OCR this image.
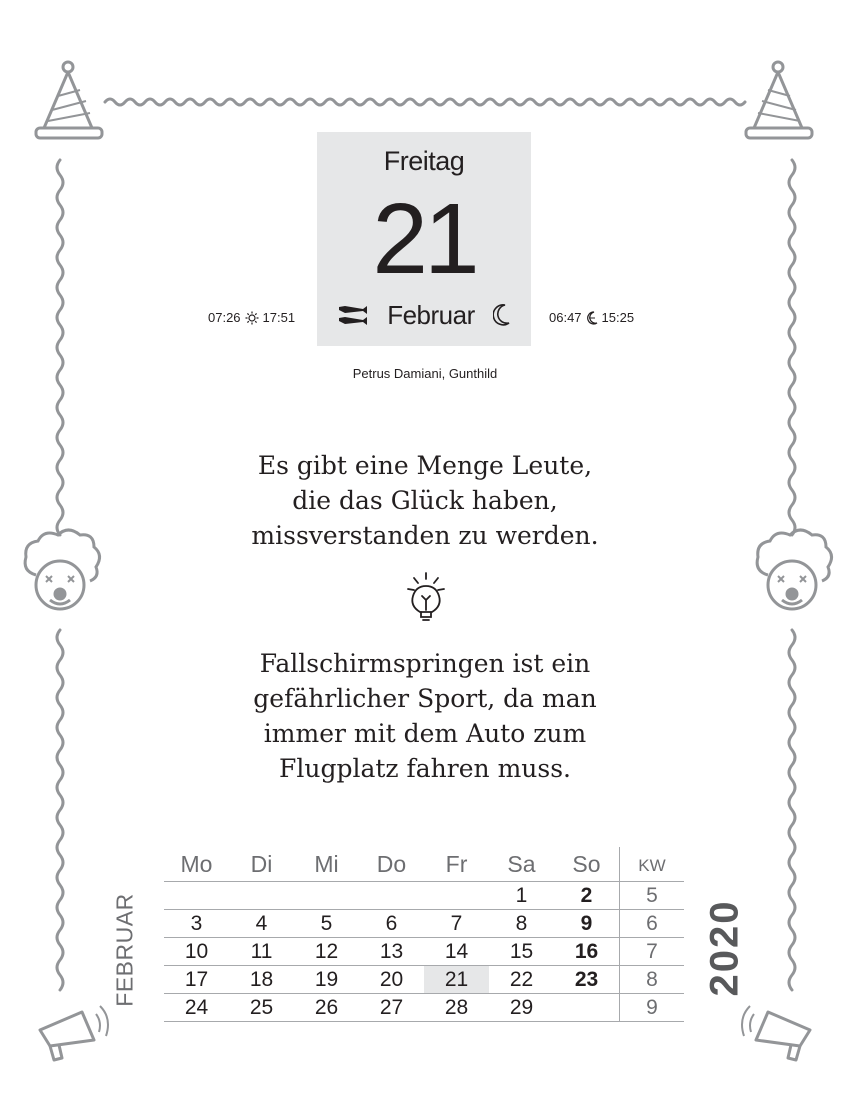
Freitag
21
Februar
07:26 17:51	06:47 15:25
Petrus Damiani, Gunthild
Es gibt eine Menge Leute,
die das Glück haben,
missverstanden zu werden.
Fallschirmspringen ist ein
gefährlicher Sport, da man
immer mit dem Auto zum
Flugplatz fahren muss.
FEBRUAR	2020
Mo	Di	Mi	Do	Fr	Sa	So	KW
					1	2	5
3	4	5	6	7	8	9	6
10	11	12	13	14	15	16	7
17	18	19	20	21	22	23	8
24	25	26	27	28	29		9
